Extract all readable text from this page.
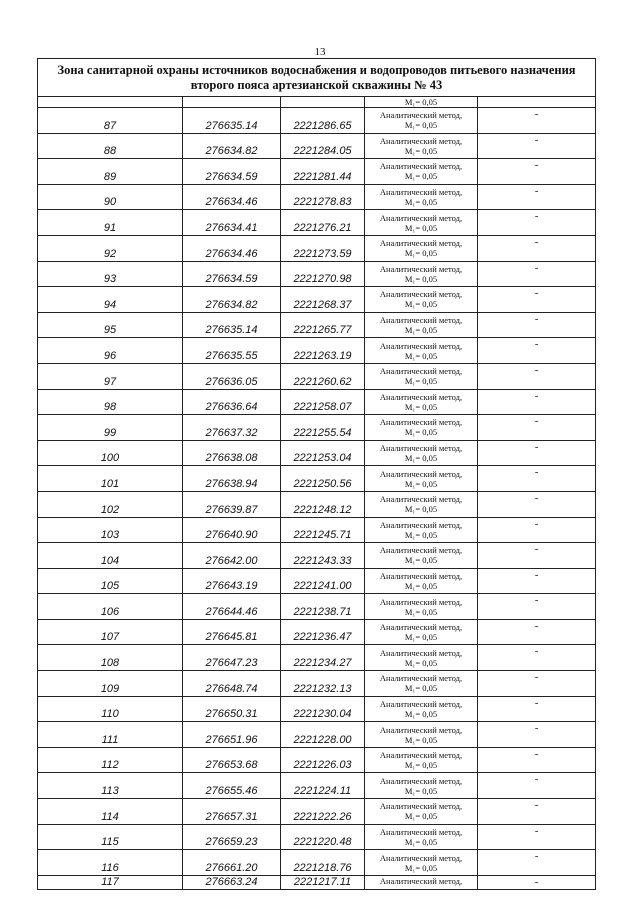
13
Зона санитарной охраны источников водоснабжения и водопроводов питьевого назначения второго пояса артезианской скважины № 43				
			M₁= 0,05	
87	276635.14	2221286.65	Аналитический метод,
M₁= 0,05	-
88	276634.82	2221284.05	Аналитический метод,
M₁= 0,05	-
89	276634.59	2221281.44	Аналитический метод,
M₁= 0,05	-
90	276634.46	2221278.83	Аналитический метод,
M₁= 0,05	-
91	276634.41	2221276.21	Аналитический метод,
M₁= 0,05	-
92	276634.46	2221273.59	Аналитический метод,
M₁= 0,05	-
93	276634.59	2221270.98	Аналитический метод,
M₁= 0,05	-
94	276634.82	2221268.37	Аналитический метод,
M₁= 0,05	-
95	276635.14	2221265.77	Аналитический метод,
M₁= 0,05	-
96	276635.55	2221263.19	Аналитический метод,
M₁= 0,05	-
97	276636.05	2221260.62	Аналитический метод,
M₁= 0,05	-
98	276636.64	2221258.07	Аналитический метод,
M₁= 0,05	-
99	276637.32	2221255.54	Аналитический метод,
M₁= 0,05	-
100	276638.08	2221253.04	Аналитический метод,
M₁= 0,05	-
101	276638.94	2221250.56	Аналитический метод,
M₁= 0,05	-
102	276639.87	2221248.12	Аналитический метод,
M₁= 0,05	-
103	276640.90	2221245.71	Аналитический метод,
M₁= 0,05	-
104	276642.00	2221243.33	Аналитический метод,
M₁= 0,05	-
105	276643.19	2221241.00	Аналитический метод,
M₁= 0,05	-
106	276644.46	2221238.71	Аналитический метод,
M₁= 0,05	-
107	276645.81	2221236.47	Аналитический метод,
M₁= 0,05	-
108	276647.23	2221234.27	Аналитический метод,
M₁= 0,05	-
109	276648.74	2221232.13	Аналитический метод,
M₁= 0,05	-
110	276650.31	2221230.04	Аналитический метод,
M₁= 0,05	-
111	276651.96	2221228.00	Аналитический метод,
M₁= 0,05	-
112	276653.68	2221226.03	Аналитический метод,
M₁= 0,05	-
113	276655.46	2221224.11	Аналитический метод,
M₁= 0,05	-
114	276657.31	2221222.26	Аналитический метод,
M₁= 0,05	-
115	276659.23	2221220.48	Аналитический метод,
M₁= 0,05	-
116	276661.20	2221218.76	Аналитический метод,
M₁= 0,05	-
117	276663.24	2221217.11	Аналитический метод,	-
